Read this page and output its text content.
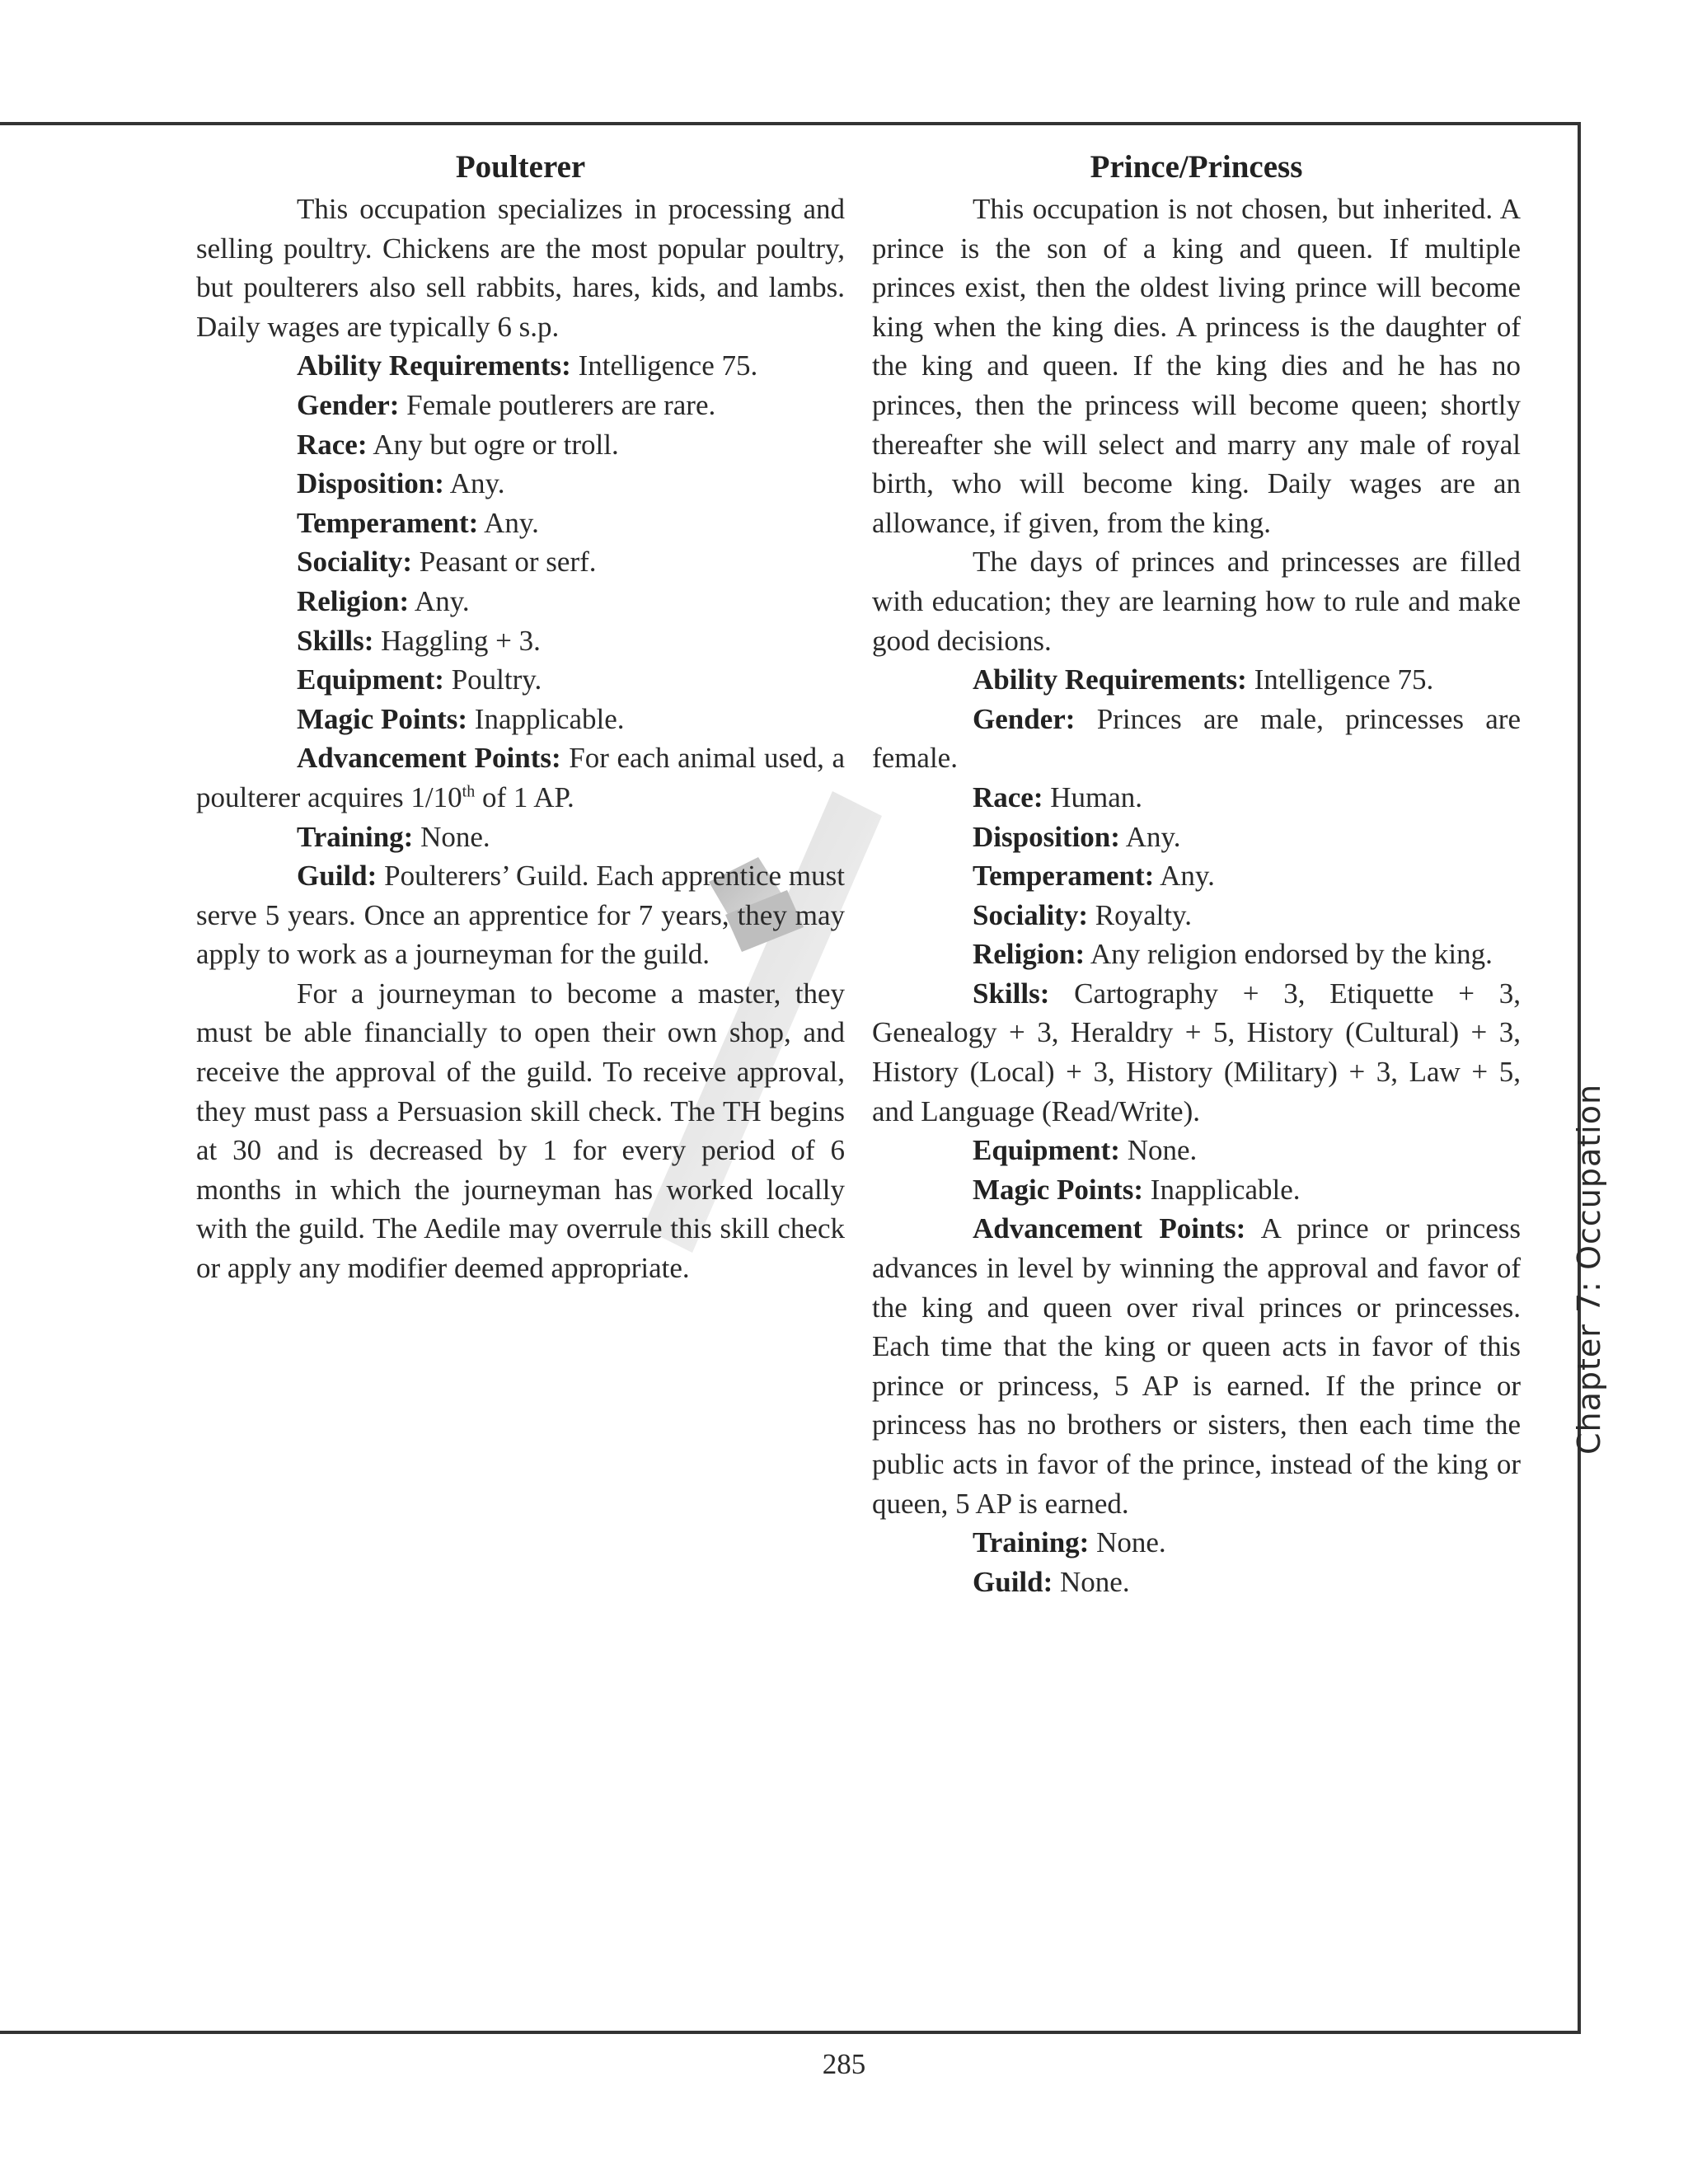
Poulterer

This occupation specializes in processing and selling poultry. Chickens are the most popular poultry, but poulterers also sell rabbits, hares, kids, and lambs. Daily wages are typically 6 s.p.

Ability Requirements: Intelligence 75.

Gender: Female poutlerers are rare.

Race: Any but ogre or troll.

Disposition: Any.

Temperament: Any.

Sociality: Peasant or serf.

Religion: Any.

Skills: Haggling + 3.

Equipment: Poultry.

Magic Points: Inapplicable.

Advancement Points: For each animal used, a poulterer acquires 1/10th of 1 AP.

Training: None.

Guild: Poulterers’ Guild. Each apprentice must serve 5 years. Once an apprentice for 7 years, they may apply to work as a journeyman for the guild.

For a journeyman to become a master, they must be able financially to open their own shop, and receive the approval of the guild. To receive approval, they must pass a Persuasion skill check. The TH begins at 30 and is decreased by 1 for every period of 6 months in which the journeyman has worked locally with the guild. The Aedile may overrule this skill check or apply any modifier deemed appropriate.

Prince/Princess

This occupation is not chosen, but inherited. A prince is the son of a king and queen. If multiple princes exist, then the oldest living prince will become king when the king dies. A princess is the daughter of the king and queen. If the king dies and he has no princes, then the princess will become queen; shortly thereafter she will select and marry any male of royal birth, who will become king. Daily wages are an allowance, if given, from the king.

The days of princes and princesses are filled with education; they are learning how to rule and make good decisions.

Ability Requirements: Intelligence 75.

Gender: Princes are male, princesses are female.

Race: Human.

Disposition: Any.

Temperament: Any.

Sociality: Royalty.

Religion: Any religion endorsed by the king.

Skills: Cartography + 3, Etiquette + 3, Genealogy + 3, Heraldry + 5, History (Cultural) + 3, History (Local) + 3, History (Military) + 3, Law + 5, and Language (Read/Write).

Equipment: None.

Magic Points: Inapplicable.

Advancement Points: A prince or princess advances in level by winning the approval and favor of the king and queen over rival princes or princesses. Each time that the king or queen acts in favor of this prince or princess, 5 AP is earned. If the prince or princess has no brothers or sisters, then each time the public acts in favor of the prince, instead of the king or queen, 5 AP is earned.

Training: None.

Guild: None.

Chapter 7: Occupation
285
